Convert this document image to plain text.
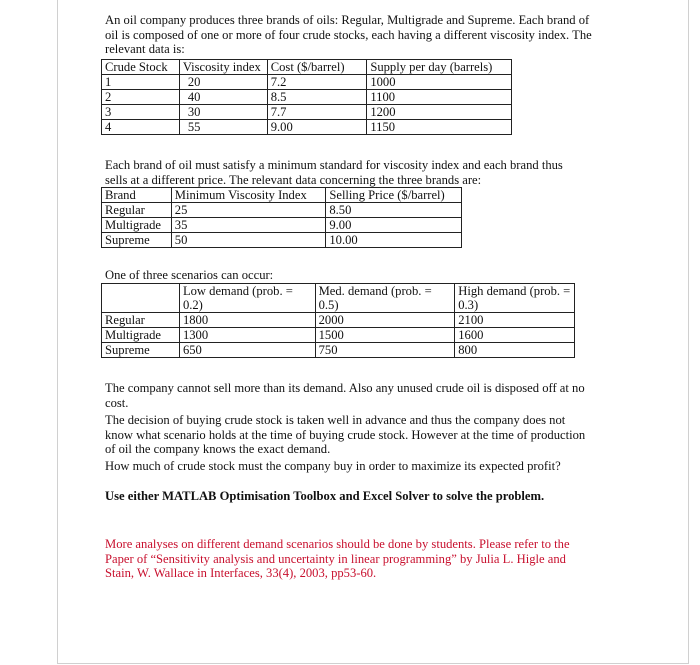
An oil company produces three brands of oils: Regular, Multigrade and Supreme. Each brand of oil is composed of one or more of four crude stocks, each having a different viscosity index. The relevant data is:

Crude Stock	Viscosity index	Cost ($/barrel)	Supply per day (barrels)
1	20	7.2	1000
2	40	8.5	1100
3	30	7.7	1200
4	55	9.00	1150

Each brand of oil must satisfy a minimum standard for viscosity index and each brand thus sells at a different price. The relevant data concerning the three brands are:

Brand	Minimum Viscosity Index	Selling Price ($/barrel)
Regular	25	8.50
Multigrade	35	9.00
Supreme	50	10.00

One of three scenarios can occur:

	Low demand (prob. = 0.2)	Med. demand (prob. = 0.5)	High demand (prob. = 0.3)
Regular	1800	2000	2100
Multigrade	1300	1500	1600
Supreme	650	750	800

The company cannot sell more than its demand. Also any unused crude oil is disposed off at no cost.

The decision of buying crude stock is taken well in advance and thus the company does not know what scenario holds at the time of buying crude stock. However at the time of production of oil the company knows the exact demand.

How much of crude stock must the company buy in order to maximize its expected profit?

Use either MATLAB Optimisation Toolbox and Excel Solver to solve the problem.

More analyses on different demand scenarios should be done by students. Please refer to the Paper of “Sensitivity analysis and uncertainty in linear programming” by Julia L. Higle and Stain, W. Wallace in Interfaces, 33(4), 2003, pp53-60.
